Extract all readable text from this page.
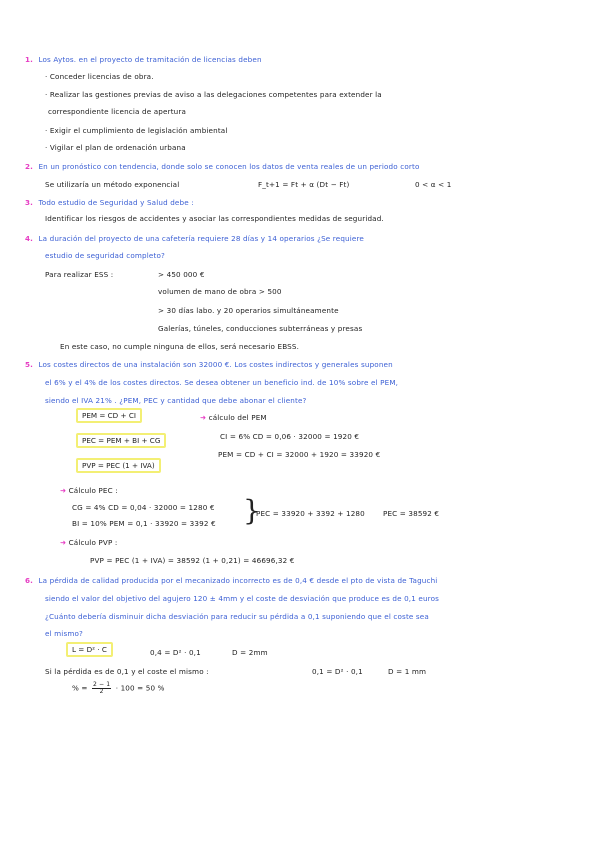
1. Los Aytos. en el proyecto de tramitación de licencias deben
· Conceder licencias de obra.
· Realizar las gestiones previas de aviso a las delegaciones competentes para extender la
correspondiente licencia de apertura
· Exigir el cumplimiento de legislación ambiental
· Vigilar el plan de ordenación urbana
2. En un pronóstico con tendencia, donde solo se conocen los datos de venta reales de un periodo corto
Se utilizaría un método exponencial	F_t+1 = Ft + α (Dt − Ft)	0 < α < 1
3. Todo estudio de Seguridad y Salud debe :
Identificar los riesgos de accidentes y asociar las correspondientes medidas de seguridad.
4. La duración del proyecto de una cafetería requiere 28 días y 14 operarios ¿Se requiere
estudio de seguridad completo?
Para realizar ESS :	> 450 000 €
volumen de mano de obra > 500
> 30 días labo. y 20 operarios simultáneamente
Galerías, túneles, conducciones subterráneas y presas
En este caso, no cumple ninguna de ellos, será necesario EBSS.
5. Los costes directos de una instalación son 32000 €. Los costes indirectos y generales suponen
el 6% y el 4% de los costes directos. Se desea obtener un beneficio ind. de 10% sobre el PEM,
siendo el IVA 21% . ¿PEM, PEC y cantidad que debe abonar el cliente?
PEM = CD + CI
PEC = PEM + BI + CG
PVP = PEC (1 + IVA)
➜ cálculo del PEM
CI = 6% CD = 0,06 · 32000 = 1920 €
PEM = CD + CI = 32000 + 1920 = 33920 €
➜ Cálculo PEC :
CG = 4% CD = 0,04 · 32000 = 1280 €
BI = 10% PEM = 0,1 · 33920 = 3392 € }
PEC = 33920 + 3392 + 1280	PEC = 38592 €
➜ Cálculo PVP :
PVP = PEC (1 + IVA) = 38592 (1 + 0,21) = 46696,32 €
6. La pérdida de calidad producida por el mecanizado incorrecto es de 0,4 € desde el pto de vista de Taguchi
siendo el valor del objetivo del agujero 120 ± 4mm y el coste de desviación que produce es de 0,1 euros
¿Cuánto debería disminuir dicha desviación para reducir su pérdida a 0,1 suponiendo que el coste sea
el mismo?
L = D² · C	0,4 = D² · 0,1	D = 2mm
Si la pérdida es de 0,1 y el coste el mismo :	0,1 = D² · 0,1	D = 1 mm
% = $\frac{2 - 1}{2} \cdot 100 = 50$ %
